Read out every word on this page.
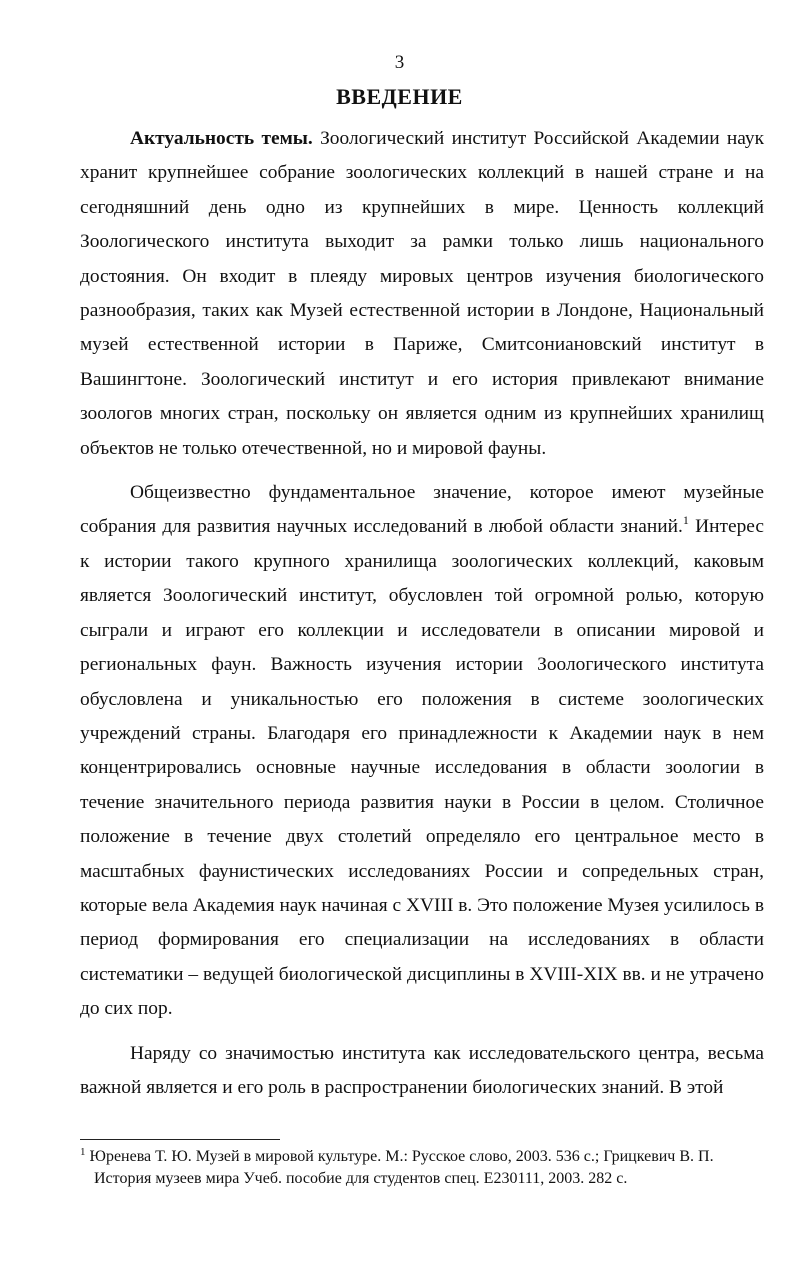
3
ВВЕДЕНИЕ

Актуальность темы. Зоологический институт Российской Академии наук хранит крупнейшее собрание зоологических коллекций в нашей стране и на сегодняшний день одно из крупнейших в мире. Ценность коллекций Зоологического института выходит за рамки только лишь национального достояния. Он входит в плеяду мировых центров изучения биологического разнообразия, таких как Музей естественной истории в Лондоне, Национальный музей естественной истории в Париже, Смитсониановский институт в Вашингтоне. Зоологический институт и его история привлекают внимание зоологов многих стран, поскольку он является одним из крупнейших хранилищ объектов не только отечественной, но и мировой фауны.

Общеизвестно фундаментальное значение, которое имеют музейные собрания для развития научных исследований в любой области знаний.$^1$ Интерес к истории такого крупного хранилища зоологических коллекций, каковым является Зоологический институт, обусловлен той огромной ролью, которую сыграли и играют его коллекции и исследователи в описании мировой и региональных фаун. Важность изучения истории Зоологического института обусловлена и уникальностью его положения в системе зоологических учреждений страны. Благодаря его принадлежности к Академии наук в нем концентрировались основные научные исследования в области зоологии в течение значительного периода развития науки в России в целом. Столичное положение в течение двух столетий определяло его центральное место в масштабных фаунистических исследованиях России и сопредельных стран, которые вела Академия наук начиная с XVIII в. Это положение Музея усилилось в период формирования его специализации на исследованиях в области систематики – ведущей биологической дисциплины в XVIII-XIX вв. и не утрачено до сих пор.

Наряду со значимостью института как исследовательского центра, весьма важной является и его роль в распространении биологических знаний. В этой

$^1$ Юренева Т. Ю. Музей в мировой культуре. М.: Русское слово, 2003. 536 с.; Грицкевич В. П.
История музеев мира Учеб. пособие для студентов спец. Е230111, 2003. 282 с.
